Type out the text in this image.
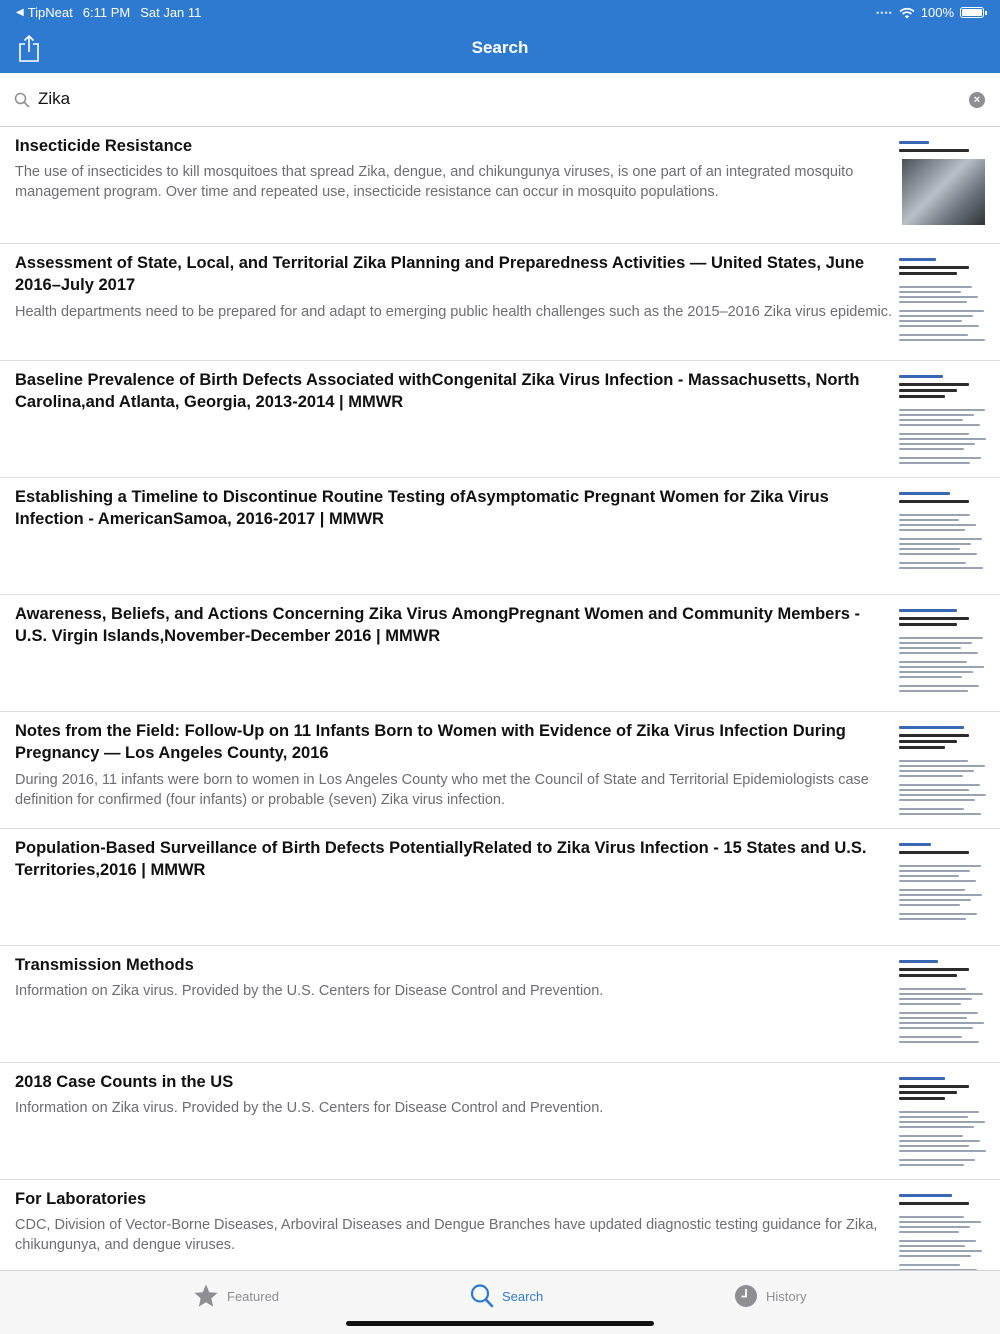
◀ TipNeat 6:11 PM Sat Jan 11	•••• 100%
Search
Zika
×
Insecticide Resistance
The use of insecticides to kill mosquitoes that spread Zika, dengue, and chikungunya viruses, is one part of an integrated mosquito management program. Over time and repeated use, insecticide resistance can occur in mosquito populations.
Assessment of State, Local, and Territorial Zika Planning and Preparedness Activities — United States, June 2016–July 2017
Health departments need to be prepared for and adapt to emerging public health challenges such as the 2015–2016 Zika virus epidemic.
Baseline Prevalence of Birth Defects Associated withCongenital Zika Virus Infection - Massachusetts, North Carolina,and Atlanta, Georgia, 2013-2014 | MMWR
Establishing a Timeline to Discontinue Routine Testing ofAsymptomatic Pregnant Women for Zika Virus Infection - AmericanSamoa, 2016-2017 | MMWR
Awareness, Beliefs, and Actions Concerning Zika Virus AmongPregnant Women and Community Members - U.S. Virgin Islands,November-December 2016 | MMWR
Notes from the Field: Follow-Up on 11 Infants Born to Women with Evidence of Zika Virus Infection During Pregnancy — Los Angeles County, 2016
During 2016, 11 infants were born to women in Los Angeles County who met the Council of State and Territorial Epidemiologists case definition for confirmed (four infants) or probable (seven) Zika virus infection.
Population-Based Surveillance of Birth Defects PotentiallyRelated to Zika Virus Infection - 15 States and U.S. Territories,2016 | MMWR
Transmission Methods
Information on Zika virus. Provided by the U.S. Centers for Disease Control and Prevention.
2018 Case Counts in the US
Information on Zika virus. Provided by the U.S. Centers for Disease Control and Prevention.
For Laboratories
CDC, Division of Vector-Borne Diseases, Arboviral Diseases and Dengue Branches have updated diagnostic testing guidance for Zika, chikungunya, and dengue viruses.
Featured	Search	History
